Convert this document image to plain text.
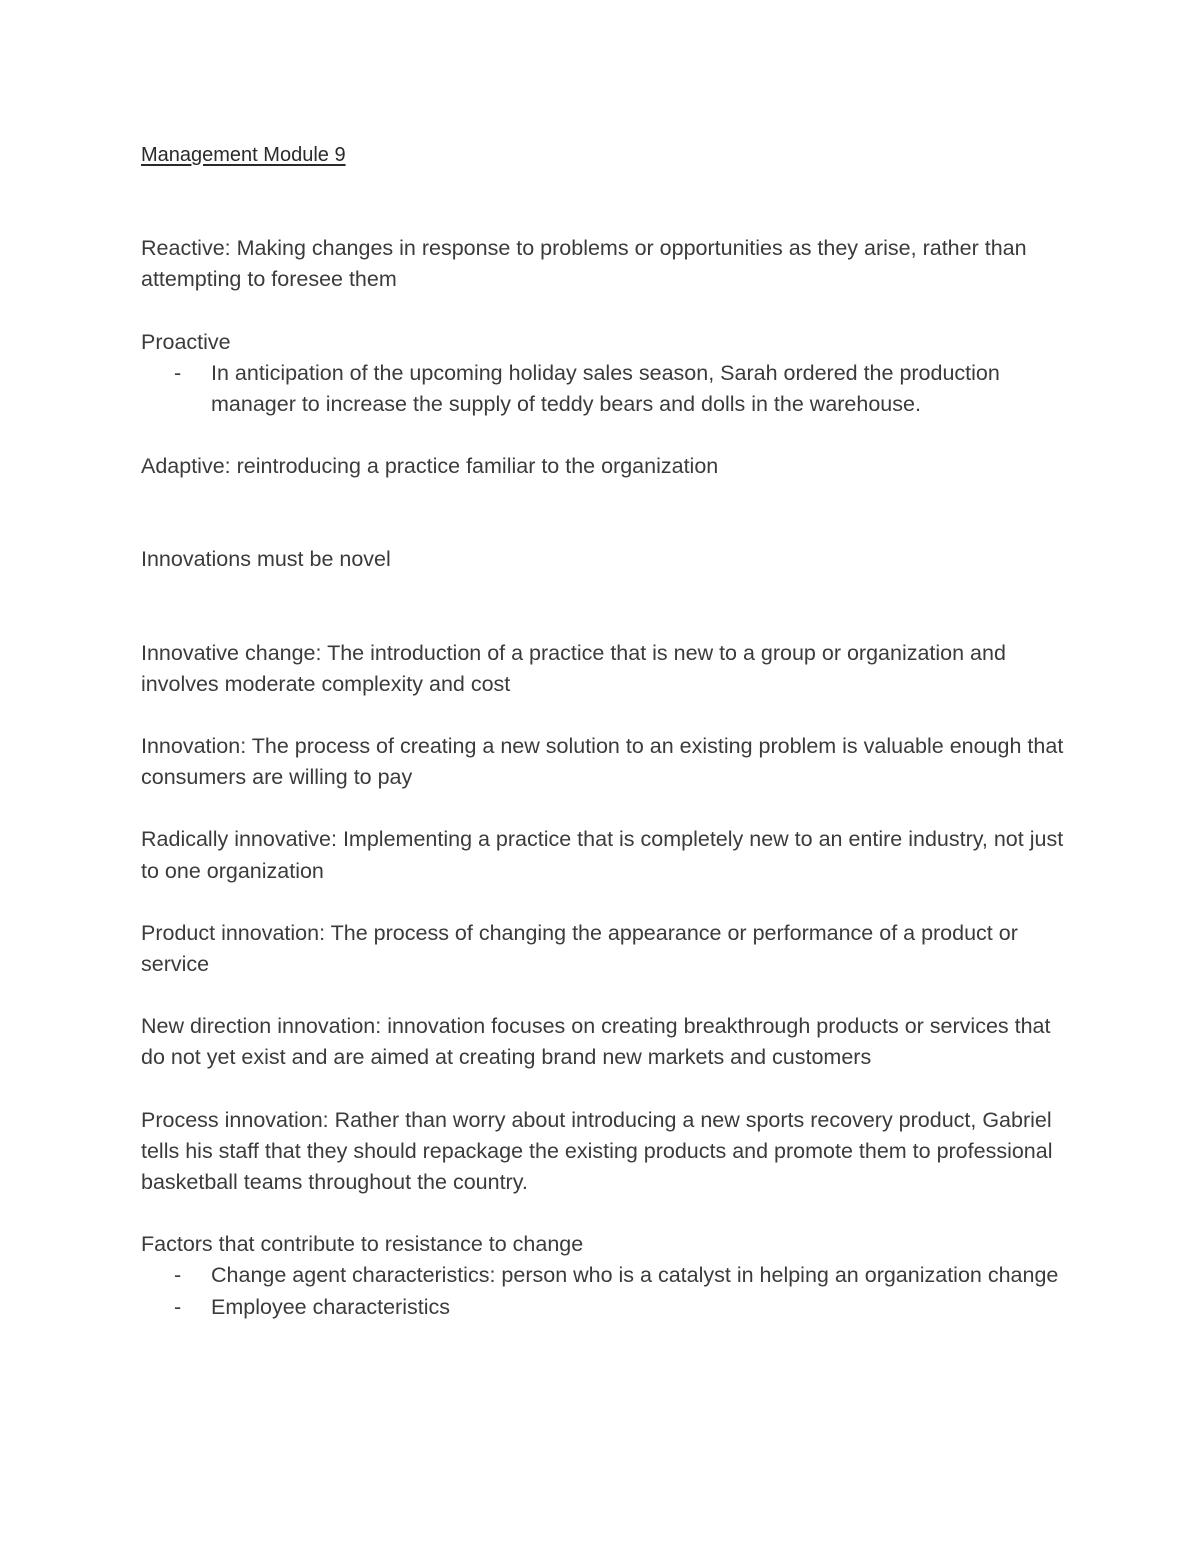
Management Module 9

Reactive: Making changes in response to problems or opportunities as they arise, rather than attempting to foresee them

Proactive

- In anticipation of the upcoming holiday sales season, Sarah ordered the production manager to increase the supply of teddy bears and dolls in the warehouse.

Adaptive: reintroducing a practice familiar to the organization

Innovations must be novel

Innovative change: The introduction of a practice that is new to a group or organization and involves moderate complexity and cost

Innovation: The process of creating a new solution to an existing problem is valuable enough that consumers are willing to pay

Radically innovative: Implementing a practice that is completely new to an entire industry, not just to one organization

Product innovation: The process of changing the appearance or performance of a product or service

New direction innovation: innovation focuses on creating breakthrough products or services that do not yet exist and are aimed at creating brand new markets and customers

Process innovation: Rather than worry about introducing a new sports recovery product, Gabriel tells his staff that they should repackage the existing products and promote them to professional basketball teams throughout the country.

Factors that contribute to resistance to change

- Change agent characteristics: person who is a catalyst in helping an organization change
- Employee characteristics
